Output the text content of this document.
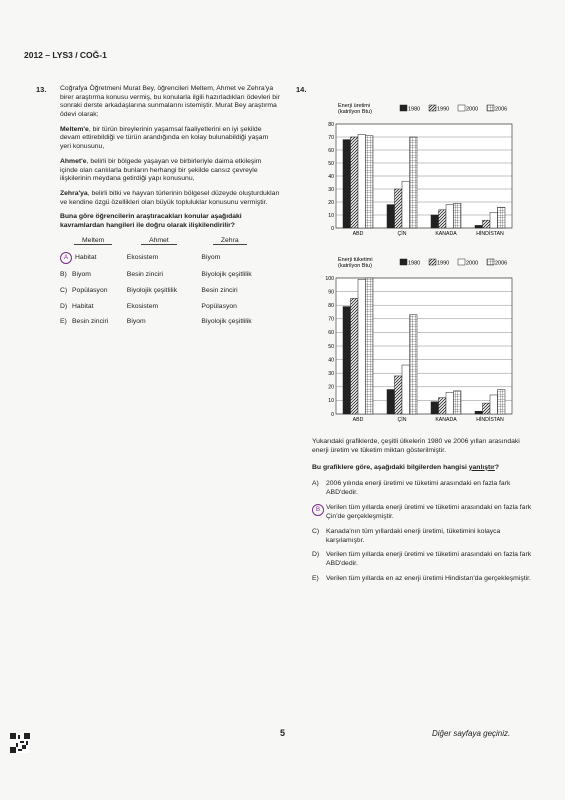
2012 – LYS3 / COĞ-1
13. Coğrafya Öğretmeni Murat Bey, öğrencileri Meltem, Ahmet ve Zehra'ya birer araştırma konusu vermiş, bu konularla ilgili hazırladıkları ödevleri bir sonraki derste arkadaşlarına sunmalarını istemiştir. Murat Bey araştırma ödevi olarak;

Meltem'e, bir türün bireylerinin yaşamsal faaliyetlerini en iyi şekilde devam ettirebildiği ve türün arandığında en kolay bulunabildiği yaşam yeri konusunu,

Ahmet'e, belirli bir bölgede yaşayan ve birbirleriyle daima etkileşim içinde olan canlılarla bunların herhangi bir şekilde cansız çevreyle ilişkilerinin meydana getirdiği yapı konusunu,

Zehra'ya, belirli bitki ve hayvan türlerinin bölgesel düzeyde oluşturdukları ve kendine özgü özellikleri olan büyük topluluklar konusunu vermiştir.

Buna göre öğrencilerin araştıracakları konular aşağıdaki kavramlardan hangileri ile doğru olarak ilişkilendirilir?

Meltem	Ahmet	Zehra
A Habitat	Ekosistem	Biyom
B) Biyom	Besin zinciri	Biyolojik çeşitlilik
C) Popülasyon	Biyolojik çeşitlilik	Besin zinciri
D) Habitat	Ekosistem	Popülasyon
E) Besin zinciri	Biyom	Biyolojik çeşitlilik
14.
Enerji üretimi
(katrilyon Btu)	1980	1990	2000	2006
0
10
20
30
40
50
60
70
80
ABD	ÇİN	KANADA	HİNDİSTAN
Enerji tüketimi
(katrilyon Btu)	1980	1990	2000	2006
0
10
20
30
40
50
60
70
80
90
100
ABD	ÇİN	KANADA	HİNDİSTAN

Yukarıdaki grafiklerde, çeşitli ülkelerin 1980 ve 2006 yılları arasındaki enerji üretim ve tüketim miktarı gösterilmiştir.

Bu grafiklere göre, aşağıdaki bilgilerden hangisi yanlıştır?

A)	2006 yılında enerji üretimi ve tüketimi arasındaki en fazla fark ABD'dedir.
B Verilen tüm yıllarda enerji üretimi ve tüketimi arasındaki en fazla fark Çin'de gerçekleşmiştir.
C)	Kanada'nın tüm yıllardaki enerji üretimi, tüketimini kolayca karşılamıştır.
D)	Verilen tüm yıllarda enerji üretimi ve tüketimi arasındaki en fazla fark ABD'dedir.
E)	Verilen tüm yıllarda en az enerji üretimi Hindistan'da gerçekleşmiştir.
5	Diğer sayfaya geçiniz.
